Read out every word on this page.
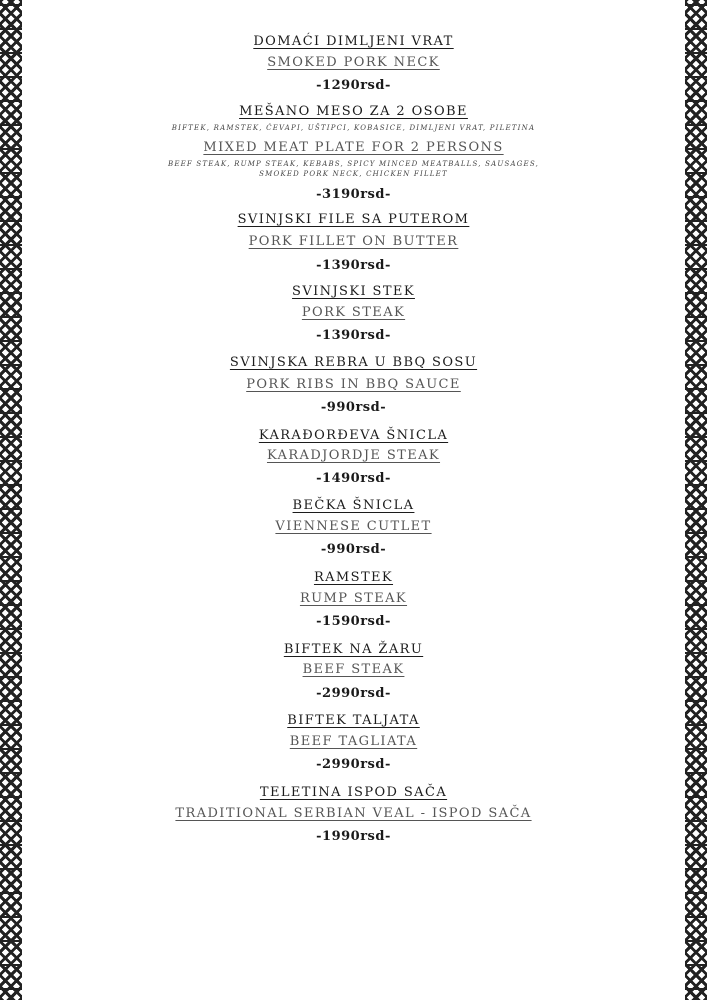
DOMAĆI DIMLJENI VRAT
SMOKED PORK NECK
-1290rsd-
MEŠANO MESO ZA 2 OSOBE
BIFTEK, RAMSTEK, ĆEVAPI, UŠTIPCI, KOBASICE, DIMLJENI VRAT, PILETINA
MIXED MEAT PLATE FOR 2 PERSONS
BEEF STEAK, RUMP STEAK, KEBABS, SPICY MINCED MEATBALLS, SAUSAGES,
SMOKED PORK NECK, CHICKEN FILLET
-3190rsd-
SVINJSKI FILE SA PUTEROM
PORK FILLET ON BUTTER
-1390rsd-
SVINJSKI STEK
PORK STEAK
-1390rsd-
SVINJSKA REBRA U BBQ SOSU
PORK RIBS IN BBQ SAUCE
-990rsd-
KARAĐORĐEVA ŠNICLA
KARADJORDJE STEAK
-1490rsd-
BEČKA ŠNICLA
VIENNESE CUTLET
-990rsd-
RAMSTEK
RUMP STEAK
-1590rsd-
BIFTEK NA ŽARU
BEEF STEAK
-2990rsd-
BIFTEK TALJATA
BEEF TAGLIATA
-2990rsd-
TELETINA ISPOD SAČA
TRADITIONAL SERBIAN VEAL - ISPOD SAČA
-1990rsd-
